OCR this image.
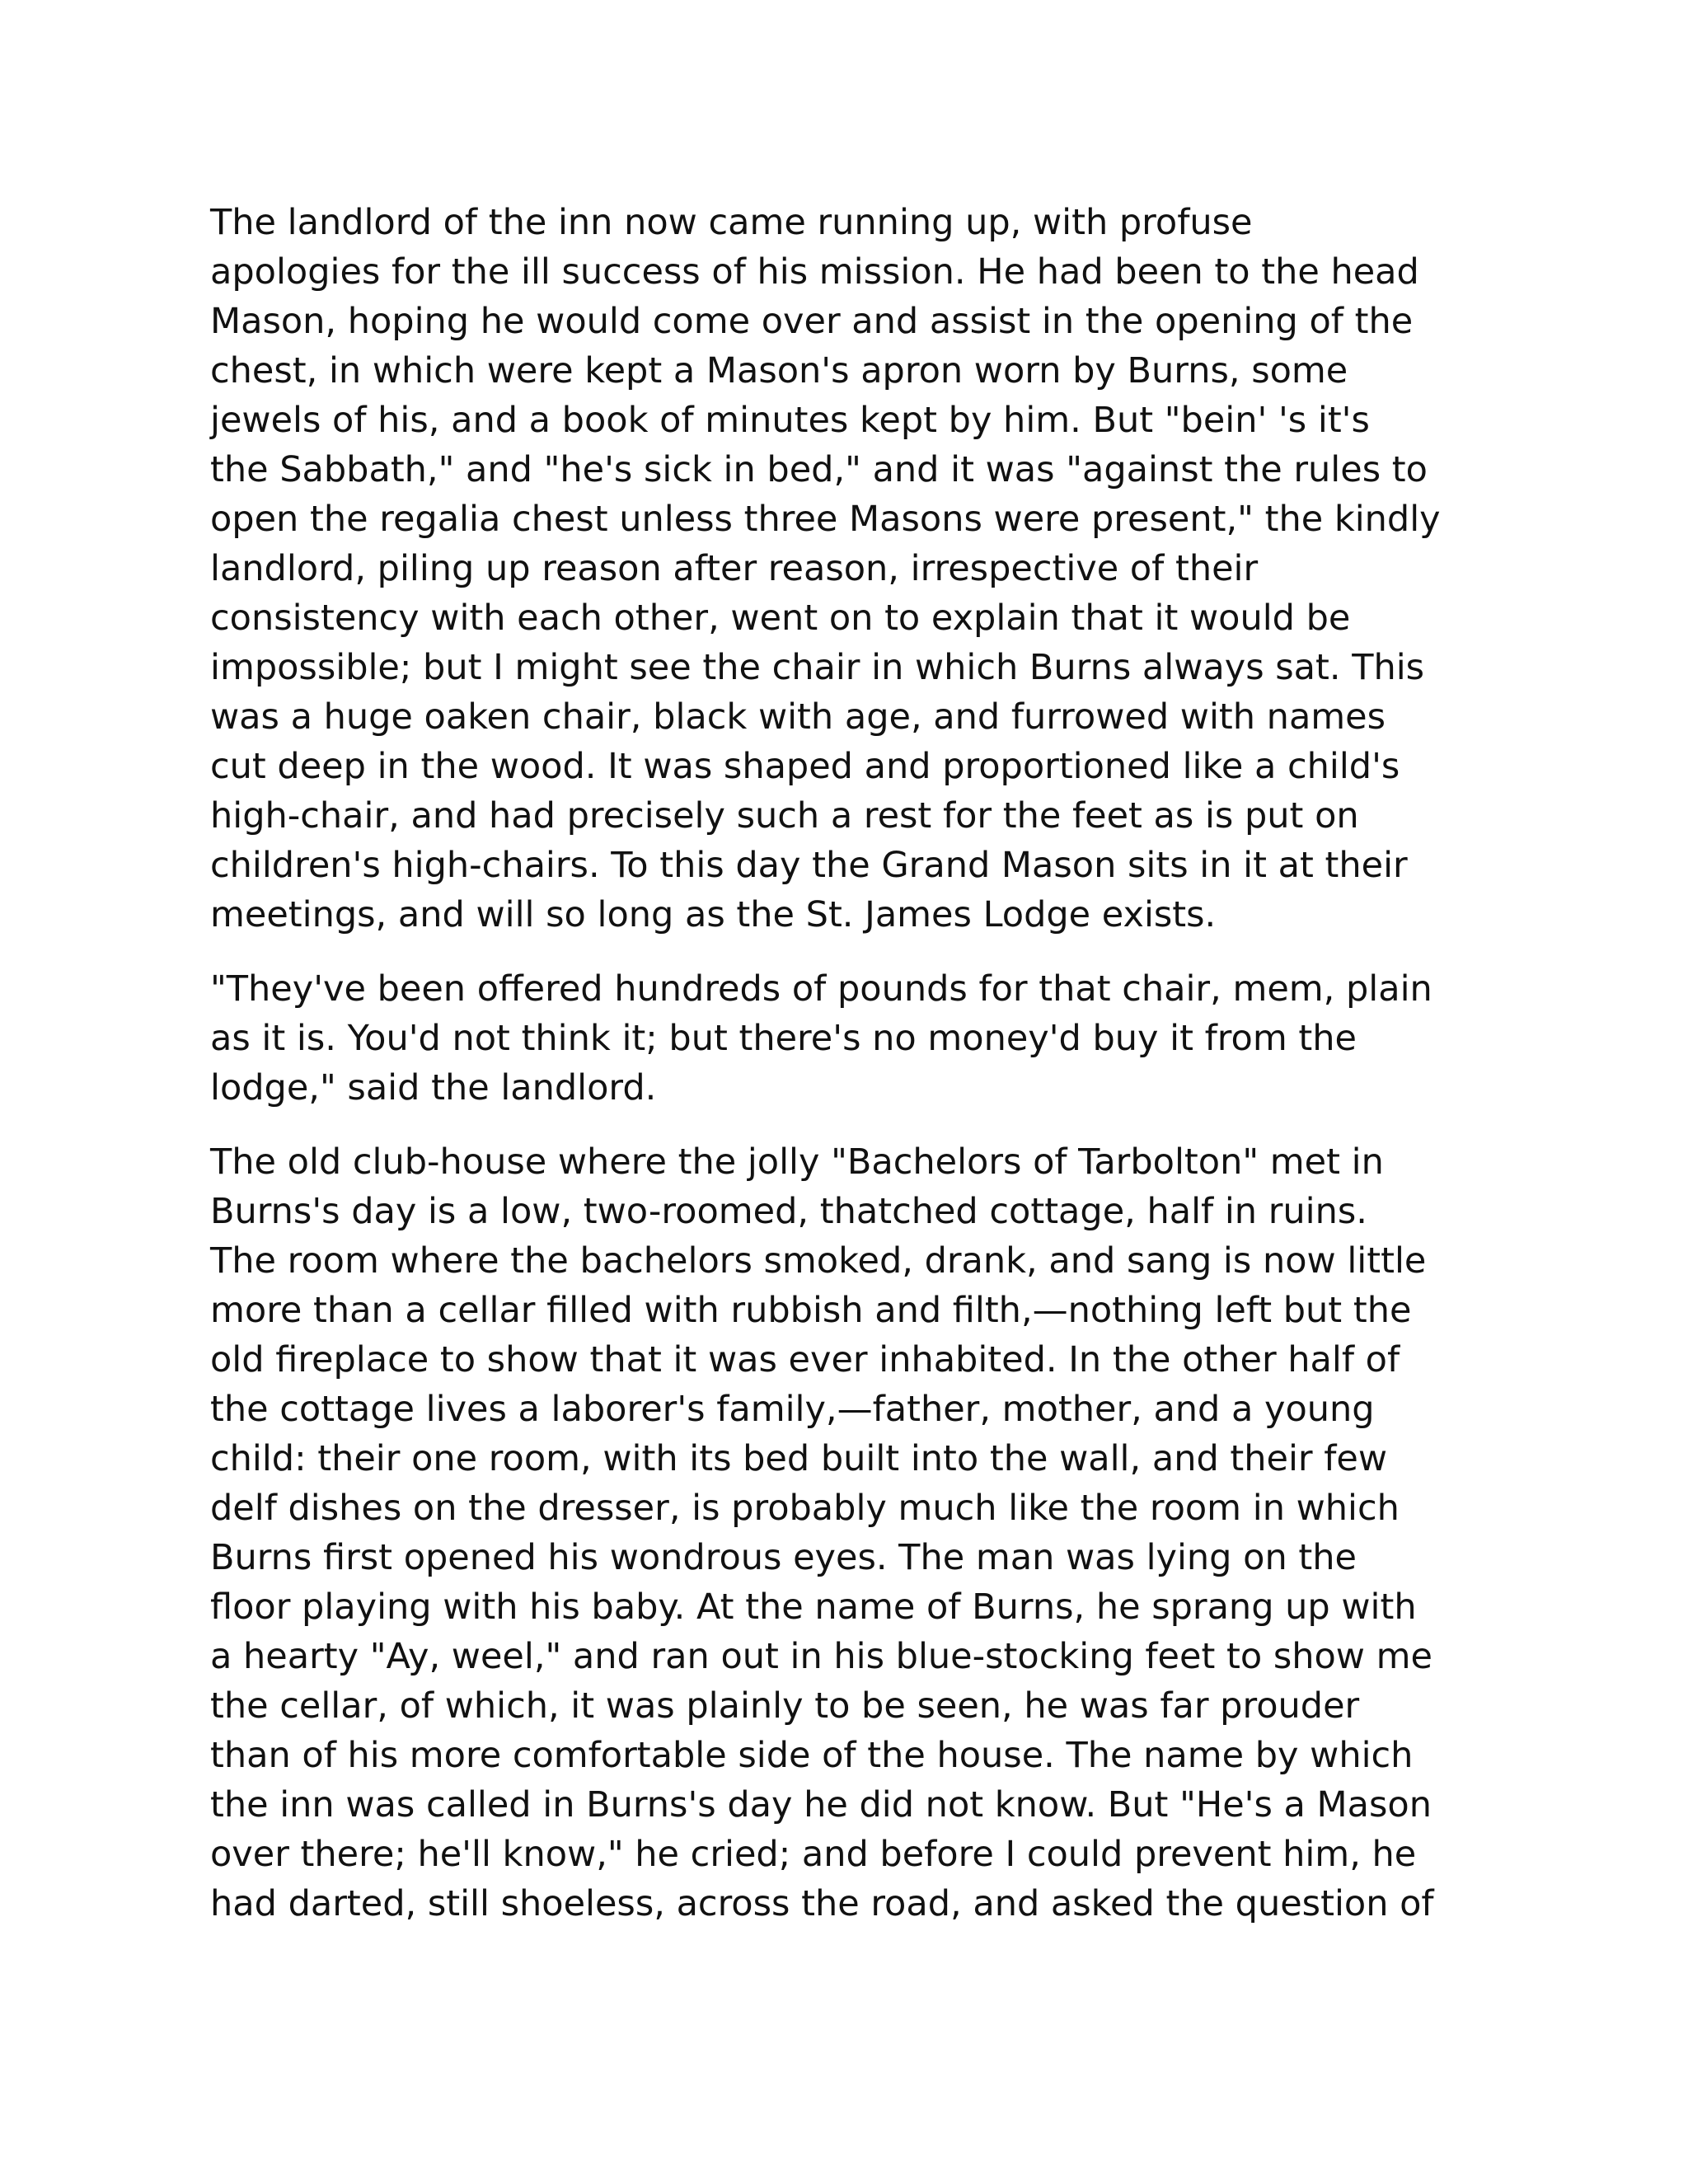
The landlord of the inn now came running up, with profuse
apologies for the ill success of his mission. He had been to the head
Mason, hoping he would come over and assist in the opening of the
chest, in which were kept a Mason's apron worn by Burns, some
jewels of his, and a book of minutes kept by him. But "bein' 's it's
the Sabbath," and "he's sick in bed," and it was "against the rules to
open the regalia chest unless three Masons were present," the kindly
landlord, piling up reason after reason, irrespective of their
consistency with each other, went on to explain that it would be
impossible; but I might see the chair in which Burns always sat. This
was a huge oaken chair, black with age, and furrowed with names
cut deep in the wood. It was shaped and proportioned like a child's
high-chair, and had precisely such a rest for the feet as is put on
children's high-chairs. To this day the Grand Mason sits in it at their
meetings, and will so long as the St. James Lodge exists.

"They've been offered hundreds of pounds for that chair, mem, plain
as it is. You'd not think it; but there's no money'd buy it from the
lodge," said the landlord.

The old club-house where the jolly "Bachelors of Tarbolton" met in
Burns's day is a low, two-roomed, thatched cottage, half in ruins.
The room where the bachelors smoked, drank, and sang is now little
more than a cellar filled with rubbish and filth,—nothing left but the
old fireplace to show that it was ever inhabited. In the other half of
the cottage lives a laborer's family,—father, mother, and a young
child: their one room, with its bed built into the wall, and their few
delf dishes on the dresser, is probably much like the room in which
Burns first opened his wondrous eyes. The man was lying on the
floor playing with his baby. At the name of Burns, he sprang up with
a hearty "Ay, weel," and ran out in his blue-stocking feet to show me
the cellar, of which, it was plainly to be seen, he was far prouder
than of his more comfortable side of the house. The name by which
the inn was called in Burns's day he did not know. But "He's a Mason
over there; he'll know," he cried; and before I could prevent him, he
had darted, still shoeless, across the road, and asked the question of
